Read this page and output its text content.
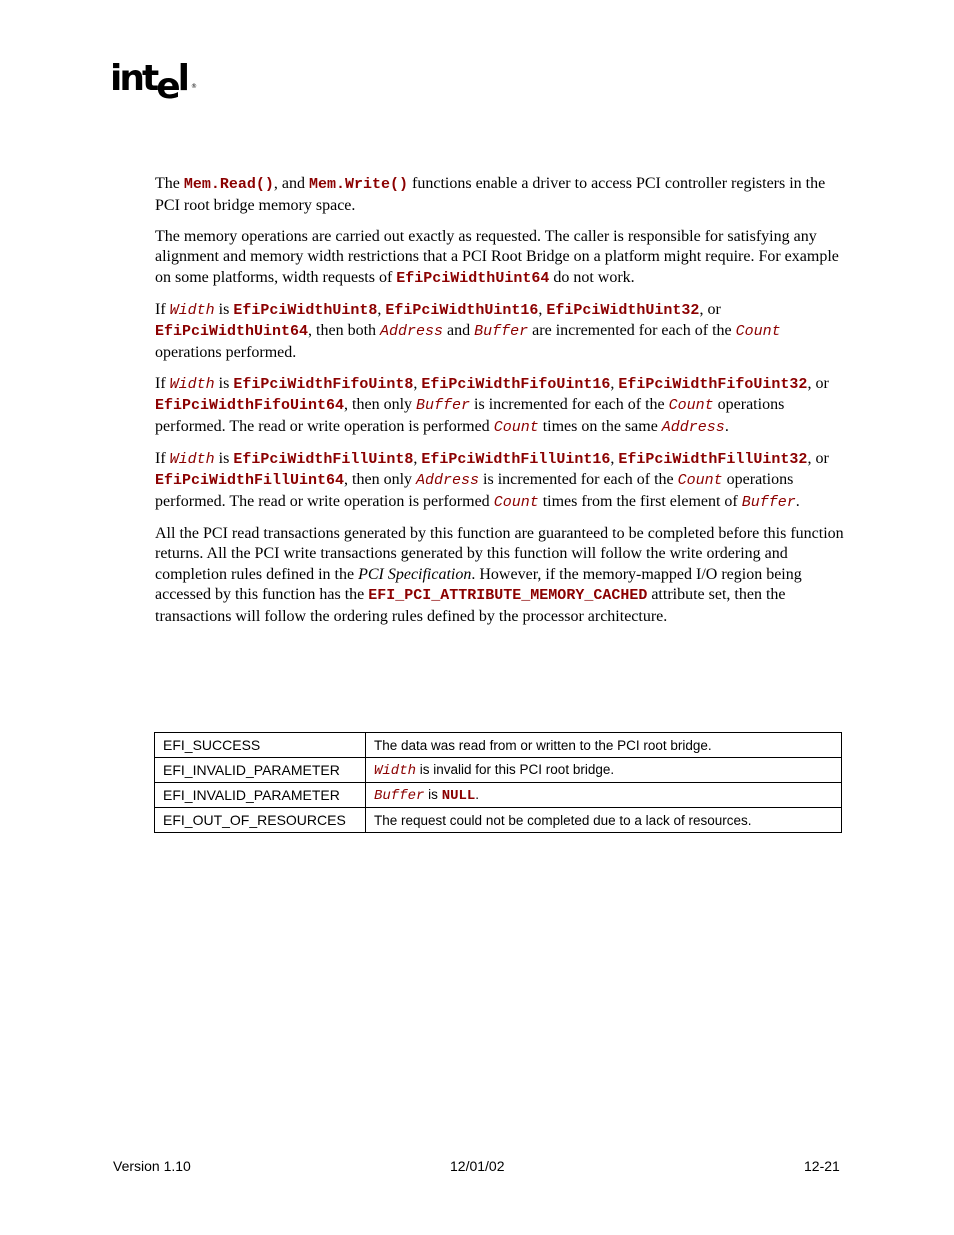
intel ®

The Mem.Read(), and Mem.Write() functions enable a driver to access PCI controller registers in the PCI root bridge memory space.

The memory operations are carried out exactly as requested. The caller is responsible for satisfying any alignment and memory width restrictions that a PCI Root Bridge on a platform might require. For example on some platforms, width requests of EfiPciWidthUint64 do not work.

If Width is EfiPciWidthUint8, EfiPciWidthUint16, EfiPciWidthUint32, or EfiPciWidthUint64, then both Address and Buffer are incremented for each of the Count operations performed.

If Width is EfiPciWidthFifoUint8, EfiPciWidthFifoUint16, EfiPciWidthFifoUint32, or EfiPciWidthFifoUint64, then only Buffer is incremented for each of the Count operations performed. The read or write operation is performed Count times on the same Address.

If Width is EfiPciWidthFillUint8, EfiPciWidthFillUint16, EfiPciWidthFillUint32, or EfiPciWidthFillUint64, then only Address is incremented for each of the Count operations performed. The read or write operation is performed Count times from the first element of Buffer.

All the PCI read transactions generated by this function are guaranteed to be completed before this function returns. All the PCI write transactions generated by this function will follow the write ordering and completion rules defined in the PCI Specification. However, if the memory-mapped I/O region being accessed by this function has the EFI_PCI_ATTRIBUTE_MEMORY_CACHED attribute set, then the transactions will follow the ordering rules defined by the processor architecture.

EFI_SUCCESS	The data was read from or written to the PCI root bridge.
EFI_INVALID_PARAMETER	Width is invalid for this PCI root bridge.
EFI_INVALID_PARAMETER	Buffer is NULL.
EFI_OUT_OF_RESOURCES	The request could not be completed due to a lack of resources.
Version 1.10	12/01/02	12-21
